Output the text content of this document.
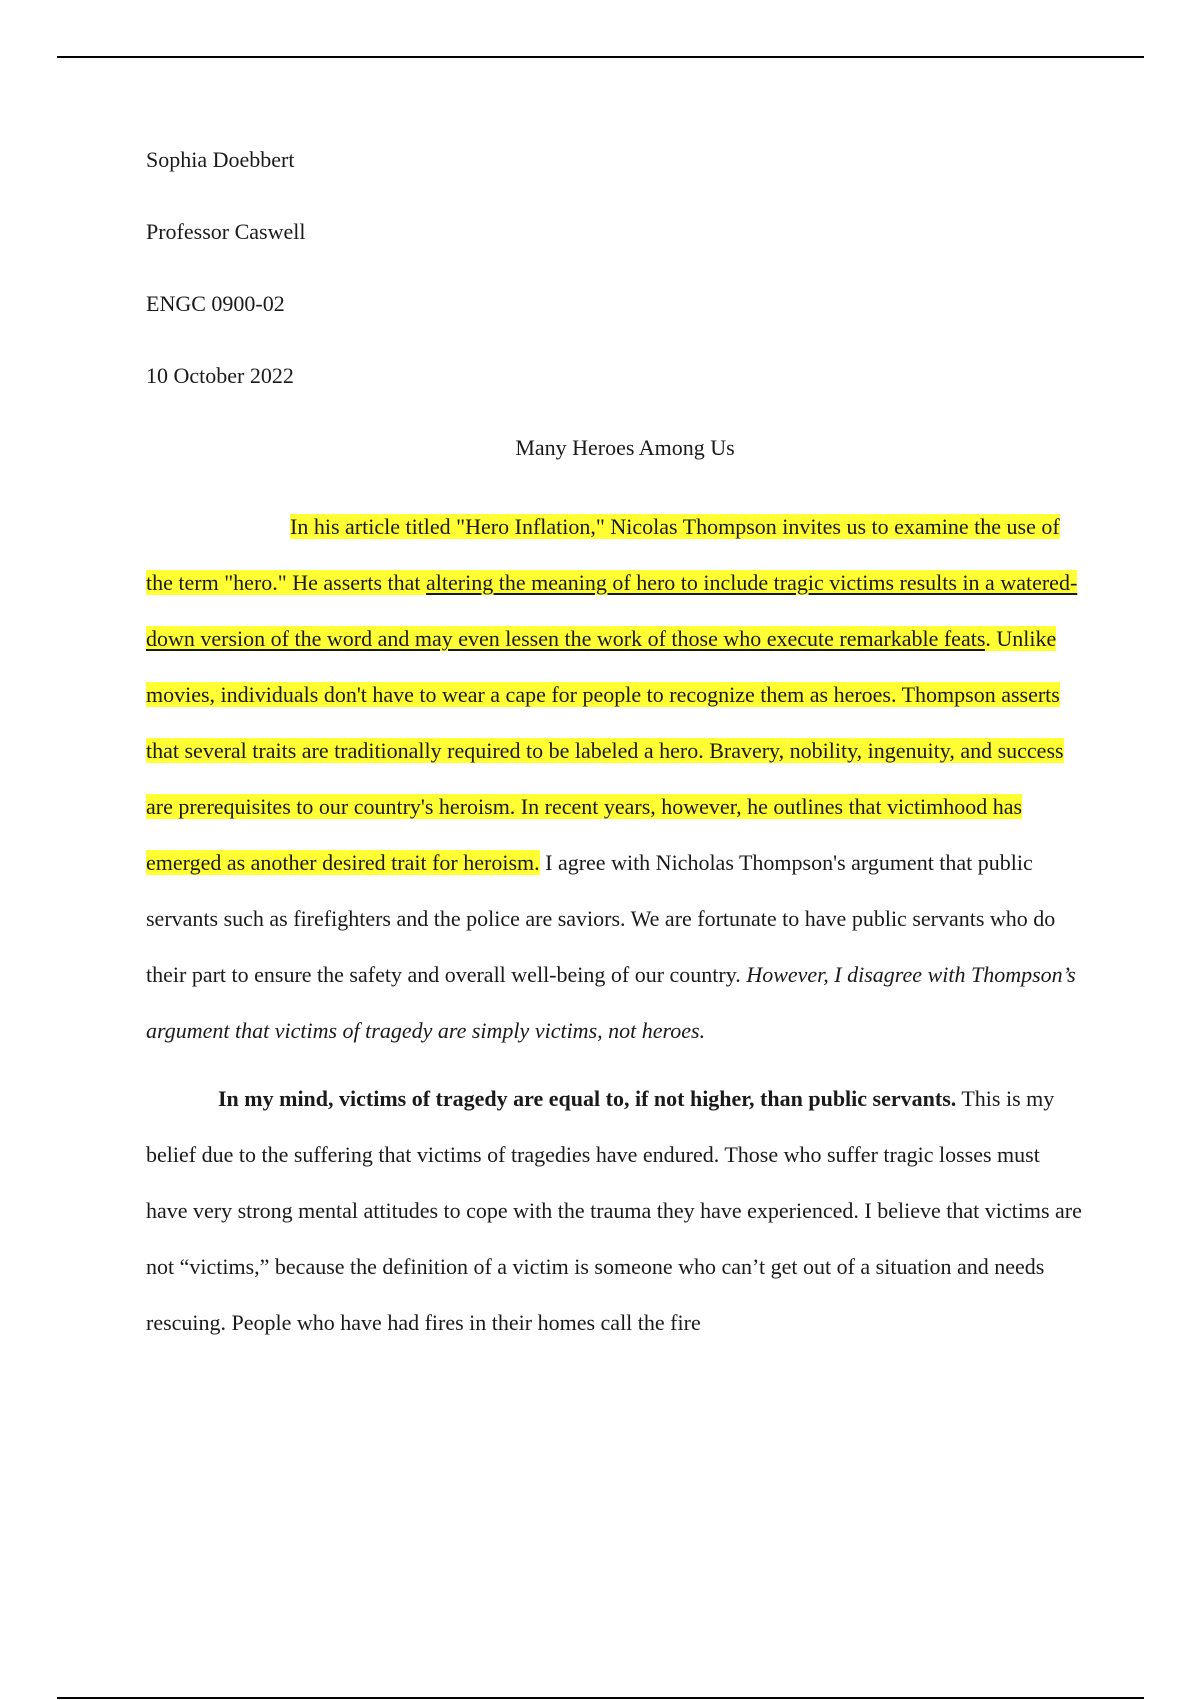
Sophia Doebbert

Professor Caswell

ENGC 0900-02

10 October 2022

Many Heroes Among Us

In his article titled "Hero Inflation," Nicolas Thompson invites us to examine the use of the term "hero." He asserts that altering the meaning of hero to include tragic victims results in a watered-down version of the word and may even lessen the work of those who execute remarkable feats. Unlike movies, individuals don't have to wear a cape for people to recognize them as heroes. Thompson asserts that several traits are traditionally required to be labeled a hero. Bravery, nobility, ingenuity, and success are prerequisites to our country's heroism. In recent years, however, he outlines that victimhood has emerged as another desired trait for heroism. I agree with Nicholas Thompson's argument that public servants such as firefighters and the police are saviors. We are fortunate to have public servants who do their part to ensure the safety and overall well-being of our country. However, I disagree with Thompson’s argument that victims of tragedy are simply victims, not heroes.

In my mind, victims of tragedy are equal to, if not higher, than public servants. This is my belief due to the suffering that victims of tragedies have endured. Those who suffer tragic losses must have very strong mental attitudes to cope with the trauma they have experienced. I believe that victims are not “victims,” because the definition of a victim is someone who can’t get out of a situation and needs rescuing. People who have had fires in their homes call the fire
